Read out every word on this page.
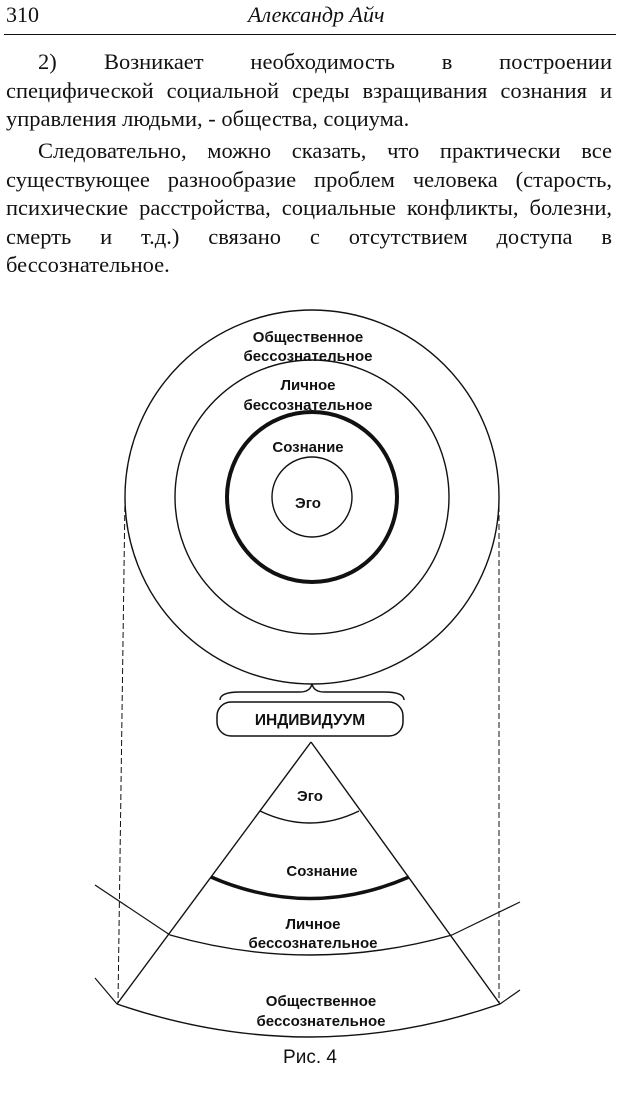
310	Александр Айч

2) Возникает необходимость в построении специфической социальной среды взращивания сознания и управления людьми, - общества, социума.

Следовательно, можно сказать, что практически все существующее разнообразие проблем человека (старость, психические расстройства, социальные конфликты, болезни, смерть и т.д.) связано с отсутствием доступа в бессознательное.

Общественное
бессознательное
Личное
бессознательное
Сознание
Эго
ИНДИВИДУУМ
Эго
Сознание
Личное
бессознательное
Общественное
бессознательное
Рис. 4
